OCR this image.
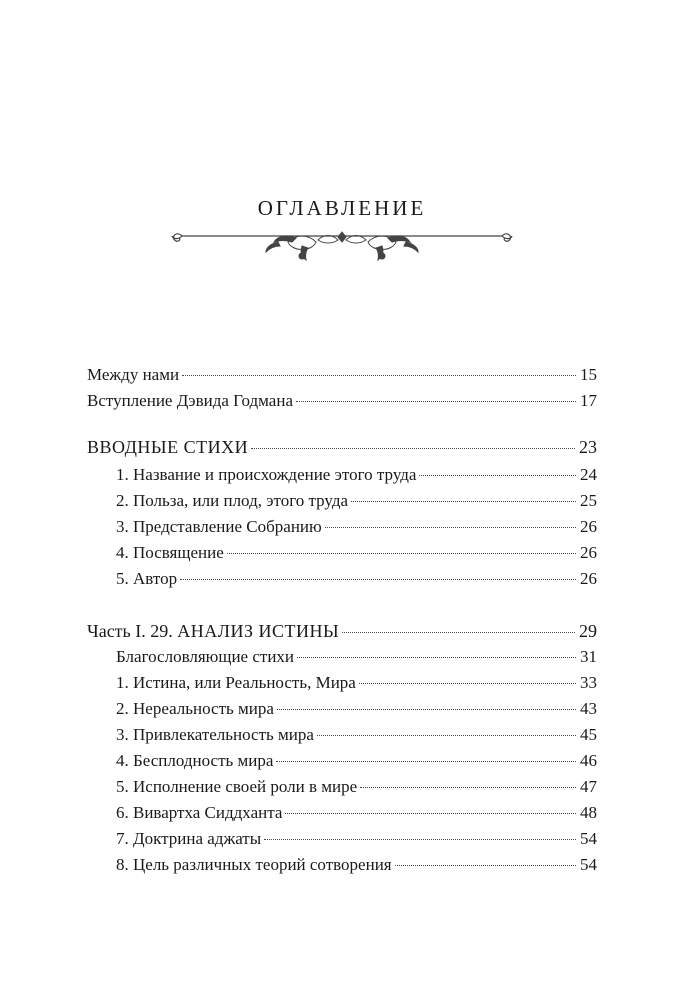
ОГЛАВЛЕНИЕ
Между нами	15
Вступление Дэвида Годмана	17
ВВОДНЫЕ СТИХИ	23
1. Название и происхождение этого труда	24
2. Польза, или плод, этого труда	25
3. Представление Собранию	26
4. Посвящение	26
5. Автор	26
Часть I. 29. АНАЛИЗ ИСТИНЫ	29
Благословляющие стихи	31
1. Истина, или Реальность, Мира	33
2. Нереальность мира	43
3. Привлекательность мира	45
4. Бесплодность мира	46
5. Исполнение своей роли в мире	47
6. Вивартха Сиддханта	48
7. Доктрина аджаты	54
8. Цель различных теорий сотворения	54
